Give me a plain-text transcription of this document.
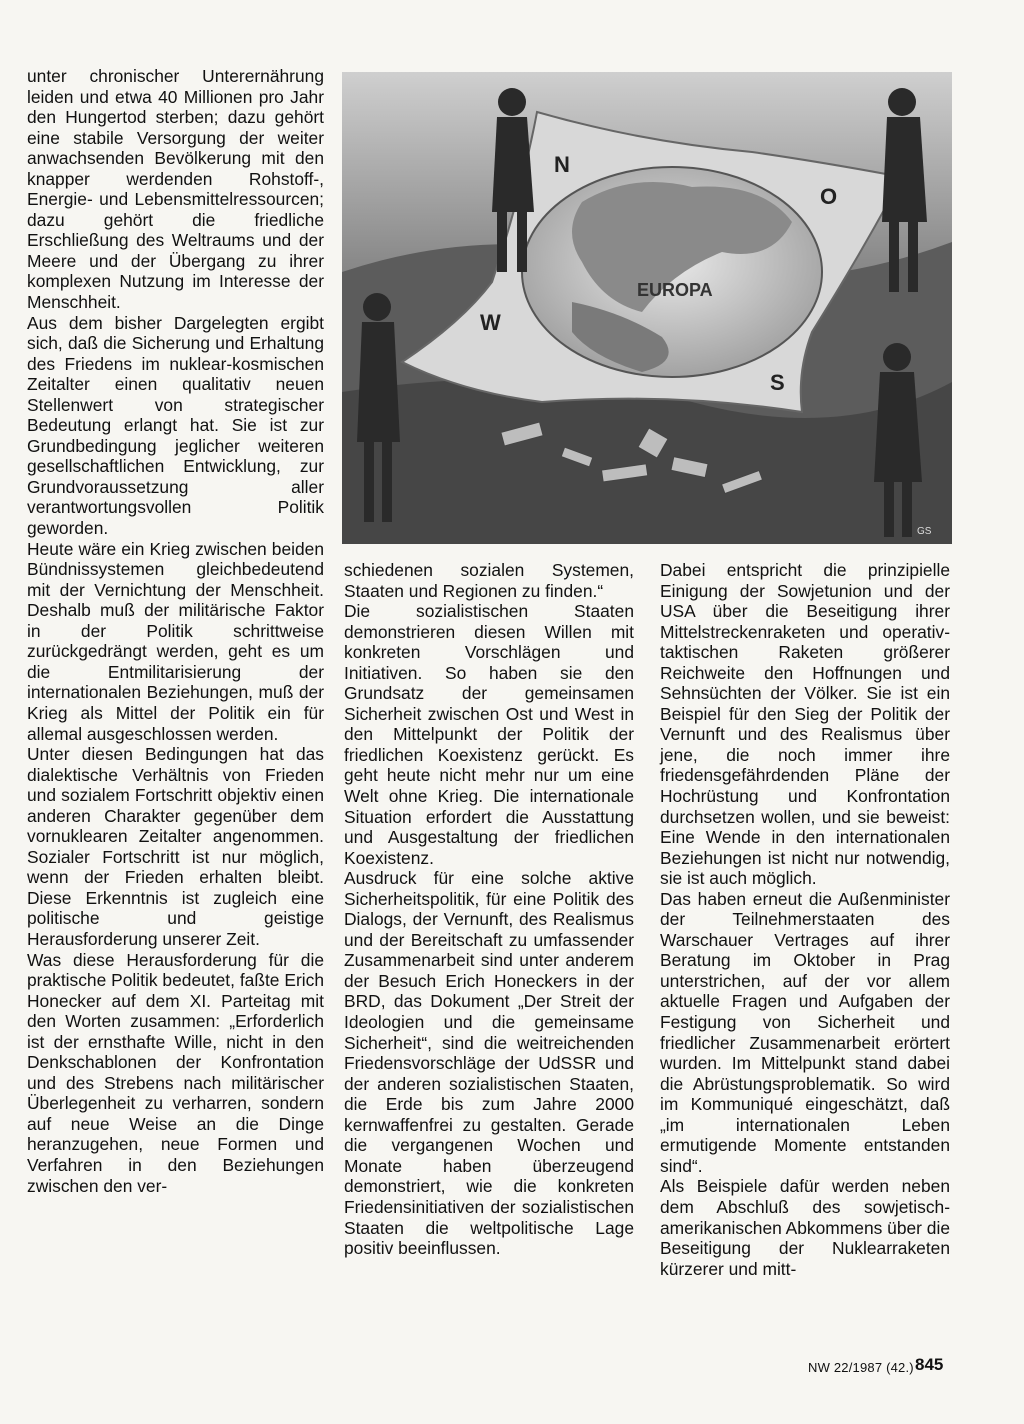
unter chronischer Unterernährung leiden und etwa 40 Millionen pro Jahr den Hungertod sterben; dazu gehört eine stabile Versorgung der weiter anwachsenden Bevölkerung mit den knapper werdenden Rohstoff-, Energie- und Lebensmittelressourcen; dazu gehört die friedliche Erschließung des Weltraums und der Meere und der Übergang zu ihrer komplexen Nutzung im Interesse der Menschheit.

Aus dem bisher Dargelegten ergibt sich, daß die Sicherung und Erhaltung des Friedens im nuklear-kosmischen Zeitalter einen qualitativ neuen Stellenwert von strategischer Bedeutung erlangt hat. Sie ist zur Grundbedingung jeglicher weiteren gesellschaftlichen Entwicklung, zur Grundvoraussetzung aller verantwortungsvollen Politik geworden.

Heute wäre ein Krieg zwischen beiden Bündnissystemen gleichbedeutend mit der Vernichtung der Menschheit. Deshalb muß der militärische Faktor in der Politik schrittweise zurückgedrängt werden, geht es um die Entmilitarisierung der internationalen Beziehungen, muß der Krieg als Mittel der Politik ein für allemal ausgeschlossen werden.

Unter diesen Bedingungen hat das dialektische Verhältnis von Frieden und sozialem Fortschritt objektiv einen anderen Charakter gegenüber dem vornuklearen Zeitalter angenommen. Sozialer Fortschritt ist nur möglich, wenn der Frieden erhalten bleibt. Diese Erkenntnis ist zugleich eine politische und geistige Herausforderung unserer Zeit.

Was diese Herausforderung für die praktische Politik bedeutet, faßte Erich Honecker auf dem XI. Parteitag mit den Worten zusammen: „Erforderlich ist der ernsthafte Wille, nicht in den Denkschablonen der Konfrontation und des Strebens nach militärischer Überlegenheit zu verharren, sondern auf neue Weise an die Dinge heranzugehen, neue Formen und Verfahren in den Beziehungen zwischen den ver-

EUROPA
N
O
W
S
GS

schiedenen sozialen Systemen, Staaten und Regionen zu finden.“

Die sozialistischen Staaten demonstrieren diesen Willen mit konkreten Vorschlägen und Initiativen. So haben sie den Grundsatz der gemeinsamen Sicherheit zwischen Ost und West in den Mittelpunkt der Politik der friedlichen Koexistenz gerückt. Es geht heute nicht mehr nur um eine Welt ohne Krieg. Die internationale Situation erfordert die Ausstattung und Ausgestaltung der friedlichen Koexistenz.

Ausdruck für eine solche aktive Sicherheitspolitik, für eine Politik des Dialogs, der Vernunft, des Realismus und der Bereitschaft zu umfassender Zusammenarbeit sind unter anderem der Besuch Erich Honeckers in der BRD, das Dokument „Der Streit der Ideologien und die gemeinsame Sicherheit“, sind die weitreichenden Friedensvorschläge der UdSSR und der anderen sozialistischen Staaten, die Erde bis zum Jahre 2000 kernwaffenfrei zu gestalten. Gerade die vergangenen Wochen und Monate haben überzeugend demonstriert, wie die konkreten Friedensinitiativen der sozialistischen Staaten die weltpolitische Lage positiv beeinflussen.

Dabei entspricht die prinzipielle Einigung der Sowjetunion und der USA über die Beseitigung ihrer Mittelstreckenraketen und operativ-taktischen Raketen größerer Reichweite den Hoffnungen und Sehnsüchten der Völker. Sie ist ein Beispiel für den Sieg der Politik der Vernunft und des Realismus über jene, die noch immer ihre friedensgefährdenden Pläne der Hochrüstung und Konfrontation durchsetzen wollen, und sie beweist: Eine Wende in den internationalen Beziehungen ist nicht nur notwendig, sie ist auch möglich.

Das haben erneut die Außenminister der Teilnehmerstaaten des Warschauer Vertrages auf ihrer Beratung im Oktober in Prag unterstrichen, auf der vor allem aktuelle Fragen und Aufgaben der Festigung von Sicherheit und friedlicher Zusammenarbeit erörtert wurden. Im Mittelpunkt stand dabei die Abrüstungsproblematik. So wird im Kommuniqué eingeschätzt, daß „im internationalen Leben ermutigende Momente entstanden sind“.

Als Beispiele dafür werden neben dem Abschluß des sowjetisch-amerikanischen Abkommens über die Beseitigung der Nuklearraketen kürzerer und mitt-

NW 22/1987 (42.) 845
